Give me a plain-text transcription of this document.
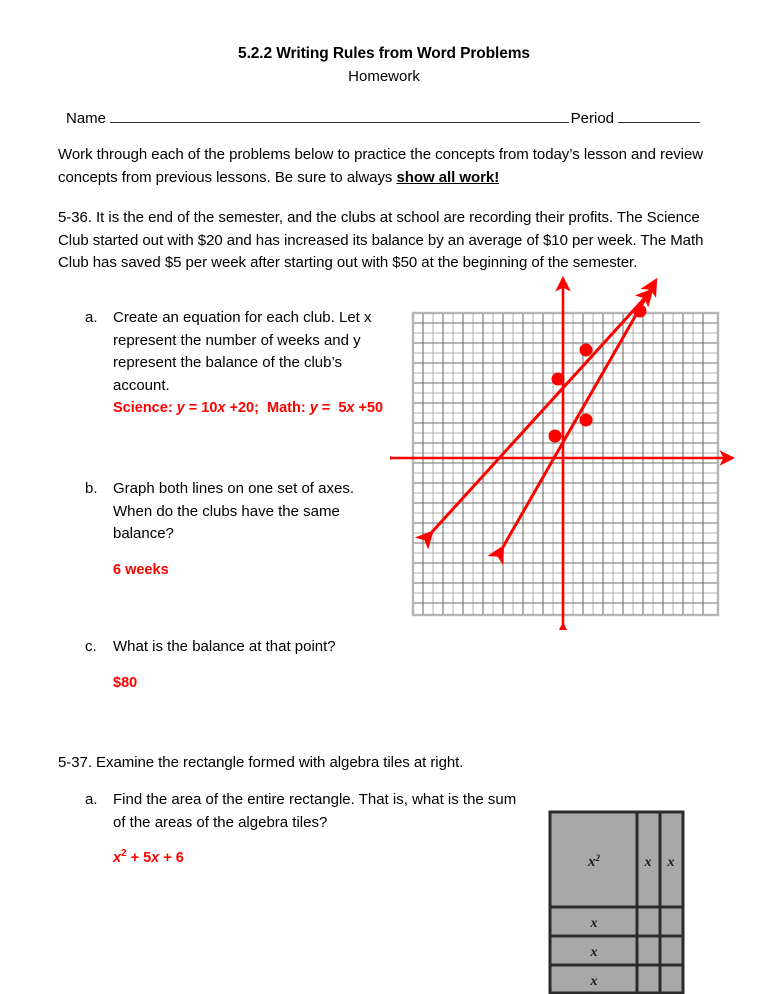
5.2.2 Writing Rules from Word Problems
Homework
Name	Period
Work through each of the problems below to practice the concepts from today’s lesson and review concepts from previous lessons. Be sure to always show all work!
5-36. It is the end of the semester, and the clubs at school are recording their profits. The Science Club started out with $20 and has increased its balance by an average of $10 per week. The Math Club has saved $5 per week after starting out with $50 at the beginning of the semester.
a.	Create an equation for each club. Let x represent the number of weeks and y represent the balance of the club’s account.
Science: y = 10x +20;  Math: y =  5x +50
b.	Graph both lines on one set of axes. When do the clubs have the same balance?
6 weeks
c.	What is the balance at that point?
$80
5-37. Examine the rectangle formed with algebra tiles at right.
a.	Find the area of the entire rectangle. That is, what is the sum of the areas of the algebra tiles?
$x^2 + 5x + 6$	$x^2$	x x
x
x
x
